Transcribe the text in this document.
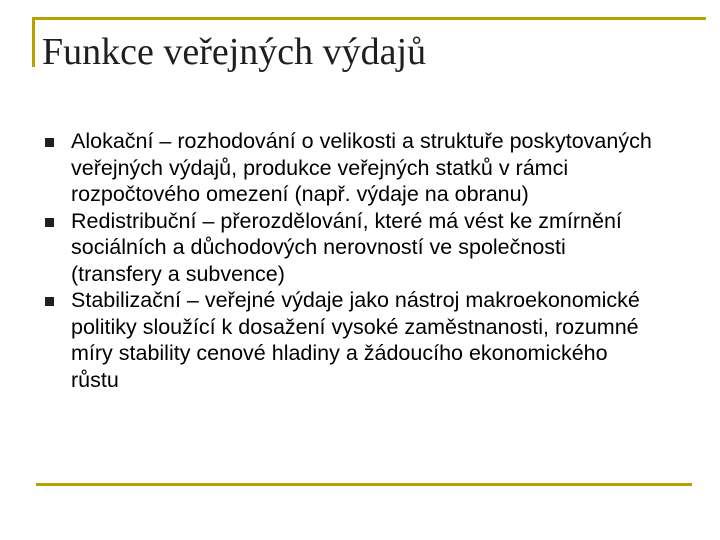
Funkce veřejných výdajů
Alokační – rozhodování o velikosti a struktuře poskytovaných veřejných výdajů, produkce veřejných statků v rámci rozpočtového omezení (např. výdaje na obranu)
Redistribuční – přerozdělování, které má vést ke zmírnění sociálních a důchodových nerovností ve společnosti (transfery a subvence)
Stabilizační – veřejné výdaje jako nástroj makroekonomické politiky sloužící k dosažení vysoké zaměstnanosti, rozumné míry stability cenové hladiny a žádoucího ekonomického růstu
